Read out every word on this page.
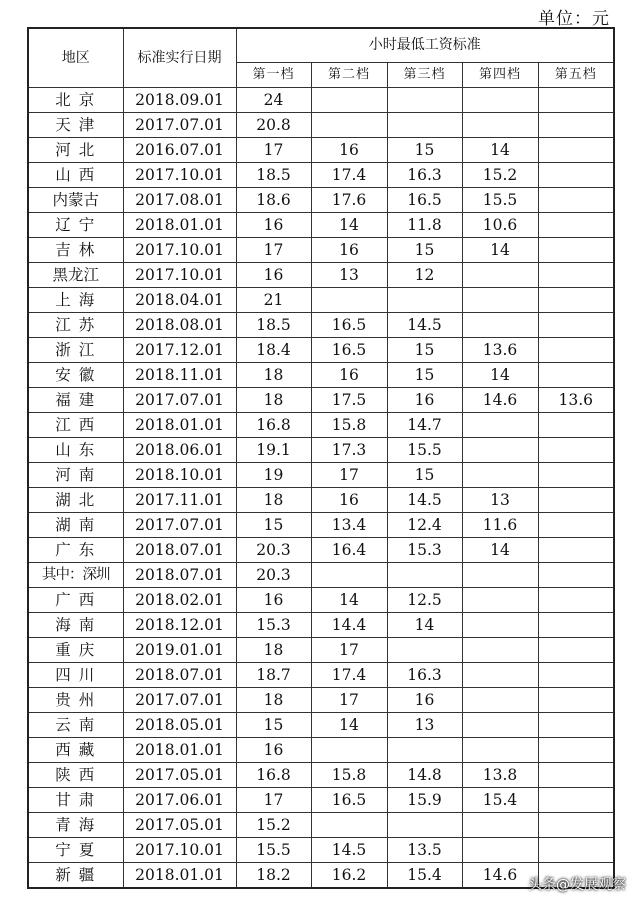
单位：元
地区	标准实行日期	小时最低工资标准				
		第一档	第二档	第三档	第四档	第五档
北京	2018.09.01	24				
天津	2017.07.01	20.8				
河北	2016.07.01	17	16	15	14	
山西	2017.10.01	18.5	17.4	16.3	15.2	
内蒙古	2017.08.01	18.6	17.6	16.5	15.5	
辽宁	2018.01.01	16	14	11.8	10.6	
吉林	2017.10.01	17	16	15	14	
黑龙江	2017.10.01	16	13	12		
上海	2018.04.01	21				
江苏	2018.08.01	18.5	16.5	14.5		
浙江	2017.12.01	18.4	16.5	15	13.6	
安徽	2018.11.01	18	16	15	14	
福建	2017.07.01	18	17.5	16	14.6	13.6
江西	2018.01.01	16.8	15.8	14.7		
山东	2018.06.01	19.1	17.3	15.5		
河南	2018.10.01	19	17	15		
湖北	2017.11.01	18	16	14.5	13	
湖南	2017.07.01	15	13.4	12.4	11.6	
广东	2018.07.01	20.3	16.4	15.3	14	
其中：深圳	2018.07.01	20.3				
广西	2018.02.01	16	14	12.5		
海南	2018.12.01	15.3	14.4	14		
重庆	2019.01.01	18	17			
四川	2018.07.01	18.7	17.4	16.3		
贵州	2017.07.01	18	17	16		
云南	2018.05.01	15	14	13		
西藏	2018.01.01	16				
陕西	2017.05.01	16.8	15.8	14.8	13.8	
甘肃	2017.06.01	17	16.5	15.9	15.4	
青海	2017.05.01	15.2				
宁夏	2017.10.01	15.5	14.5	13.5		
新疆	2018.01.01	18.2	16.2	15.4	14.6	
头条@发展观察
